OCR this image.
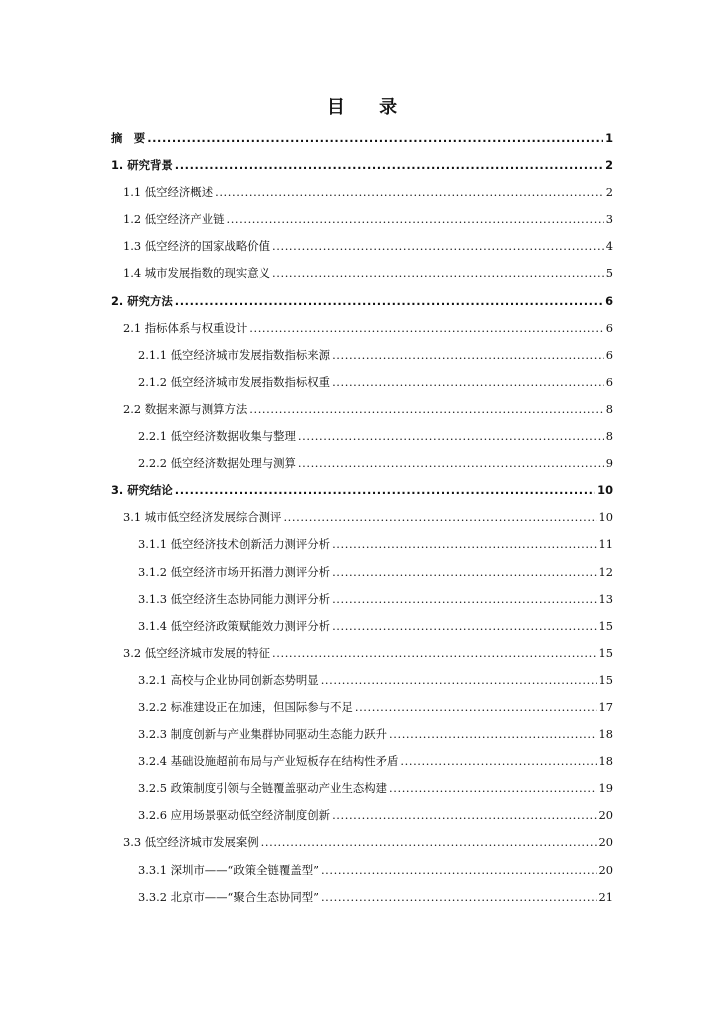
目 录
摘　要 .....	1
1. 研究背景 .....	2
1.1 低空经济概述 .....	2
1.2 低空经济产业链 .....	3
1.3 低空经济的国家战略价值 .....	4
1.4 城市发展指数的现实意义 .....	5
2. 研究方法 .....	6
2.1 指标体系与权重设计 .....	6
2.1.1 低空经济城市发展指数指标来源 .....	6
2.1.2 低空经济城市发展指数指标权重 .....	6
2.2 数据来源与测算方法 .....	8
2.2.1 低空经济数据收集与整理 .....	8
2.2.2 低空经济数据处理与测算 .....	9
3. 研究结论 .....	10
3.1 城市低空经济发展综合测评 .....	10
3.1.1 低空经济技术创新活力测评分析 .....	11
3.1.2 低空经济市场开拓潜力测评分析 .....	12
3.1.3 低空经济生态协同能力测评分析 .....	13
3.1.4 低空经济政策赋能效力测评分析 .....	15
3.2 低空经济城市发展的特征 .....	15
3.2.1 高校与企业协同创新态势明显 .....	15
3.2.2 标准建设正在加速，但国际参与不足 .....	17
3.2.3 制度创新与产业集群协同驱动生态能力跃升 .....	18
3.2.4 基础设施超前布局与产业短板存在结构性矛盾 .....	18
3.2.5 政策制度引领与全链覆盖驱动产业生态构建 .....	19
3.2.6 应用场景驱动低空经济制度创新 .....	20
3.3 低空经济城市发展案例 .....	20
3.3.1 深圳市——“政策全链覆盖型” .....	20
3.3.2 北京市——“聚合生态协同型” .....	21
